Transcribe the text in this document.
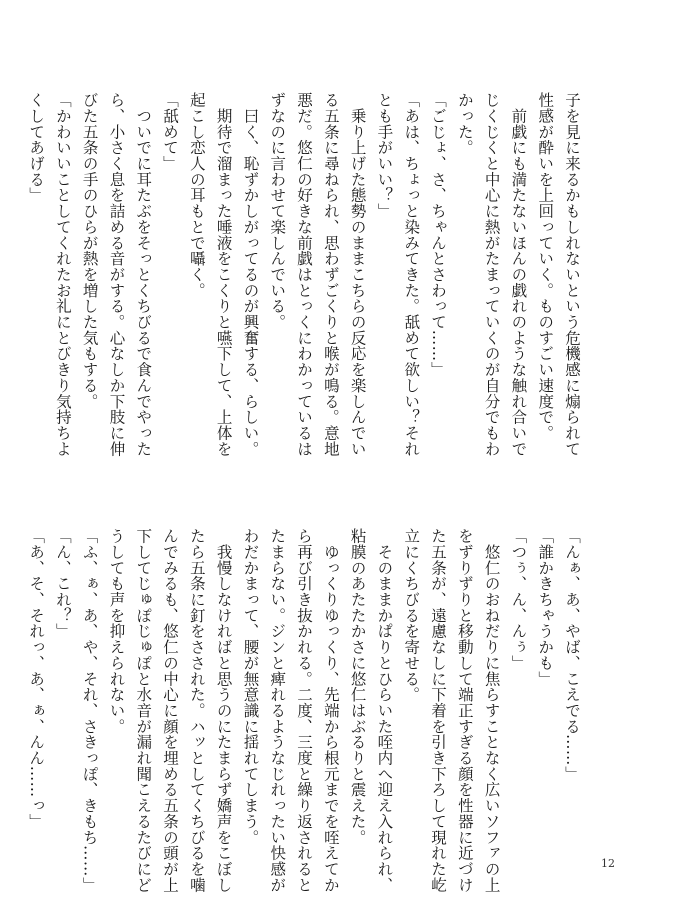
子を見に来るかもしれないという危機感に煽られて
性感が酔いを上回っていく。ものすごい速度で。
　前戯にも満たないほんの戯れのような触れ合いで
じくじくと中心に熱がたまっていくのが自分でもわ
かった。
「ごじょ、さ、ちゃんとさわって……」
「あは、ちょっと染みてきた。舐めて欲しい？それ
とも手がいい？」
　乗り上げた態勢のままこちらの反応を楽しんでい
る五条に尋ねられ、思わずごくりと喉が鳴る。意地
悪だ。悠仁の好きな前戯はとっくにわかっているは
ずなのに言わせて楽しんでいる。
　曰く、恥ずかしがってるのが興奮する、らしい。
　期待で溜まった唾液をこくりと嚥下して、上体を
起こし恋人の耳もとで囁く。
「舐めて」
　ついでに耳たぶをそっとくちびるで食んでやった
ら、小さく息を詰める音がする。心なしか下肢に伸
びた五条の手のひらが熱を増した気もする。
「かわいいことしてくれたお礼にとびきり気持ちよ
くしてあげる」
「んぁ、あ、やば、こえでる……」
「誰かきちゃうかも」
「つぅ、ん、んぅ」
　悠仁のおねだりに焦らすことなく広いソファの上
をずりずりと移動して端正すぎる顔を性器に近づけ
た五条が、遠慮なしに下着を引き下ろして現れた屹
立にくちびるを寄せる。
　そのままかぱりとひらいた咥内へ迎え入れられ、
粘膜のあたたかさに悠仁はぶるりと震えた。
　ゆっくりゆっくり、先端から根元までを咥えてか
ら再び引き抜かれる。二度、三度と繰り返されると
たまらない。ジンと痺れるようなじれったい快感が
わだかまって、腰が無意識に揺れてしまう。
　我慢しなければと思うのにたまらず嬌声をこぼし
たら五条に釘をさされた。ハッとしてくちびるを噛
んでみるも、悠仁の中心に顔を埋める五条の頭が上
下してじゅぽじゅぽと水音が漏れ聞こえるたびにど
うしても声を抑えられない。
「ふ、ぁ、あ、や、それ、さきっぽ、きもち……」
「ん、これ？」
「あ、そ、それっ、あ、ぁ、んん……っ」
12
